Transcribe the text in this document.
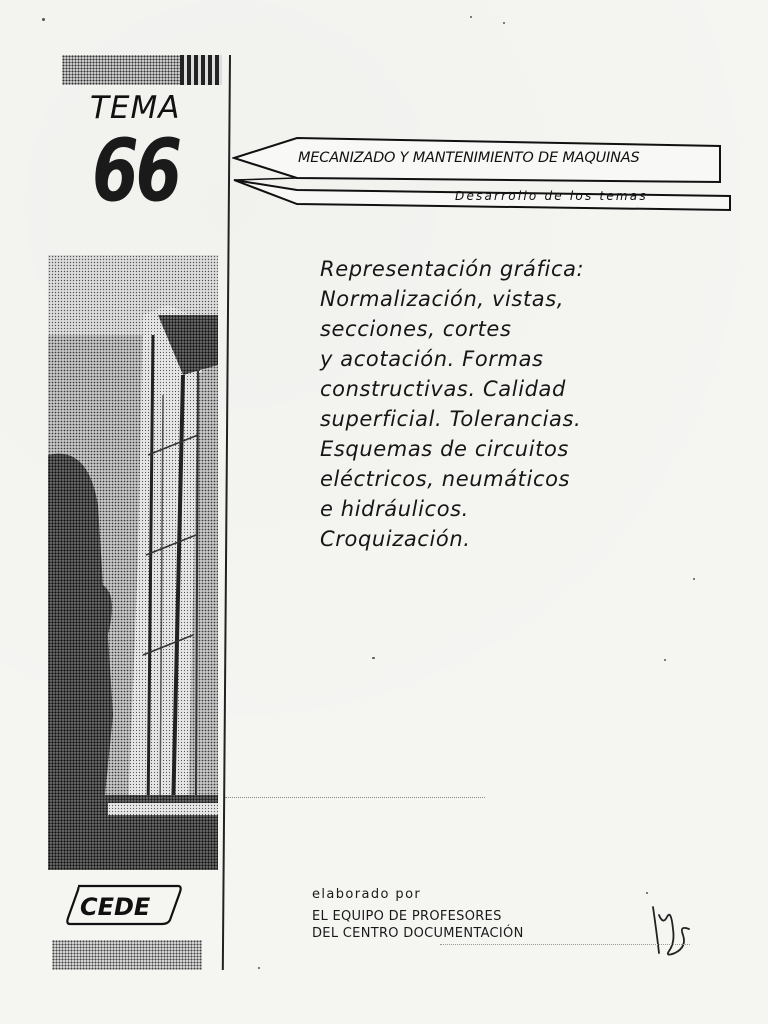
TEMA
66	MECANIZADO Y MANTENIMIENTO DE MAQUINAS
Desarrollo de los temas
Representación gráfica:
Normalización, vistas,
secciones, cortes
y acotación. Formas
constructivas. Calidad
superficial. Tolerancias.
Esquemas de circuitos
eléctricos, neumáticos
e hidráulicos.
Croquización.
CEDE	elaborado por
EL EQUIPO DE PROFESORES
DEL CENTRO DOCUMENTACIÓN
